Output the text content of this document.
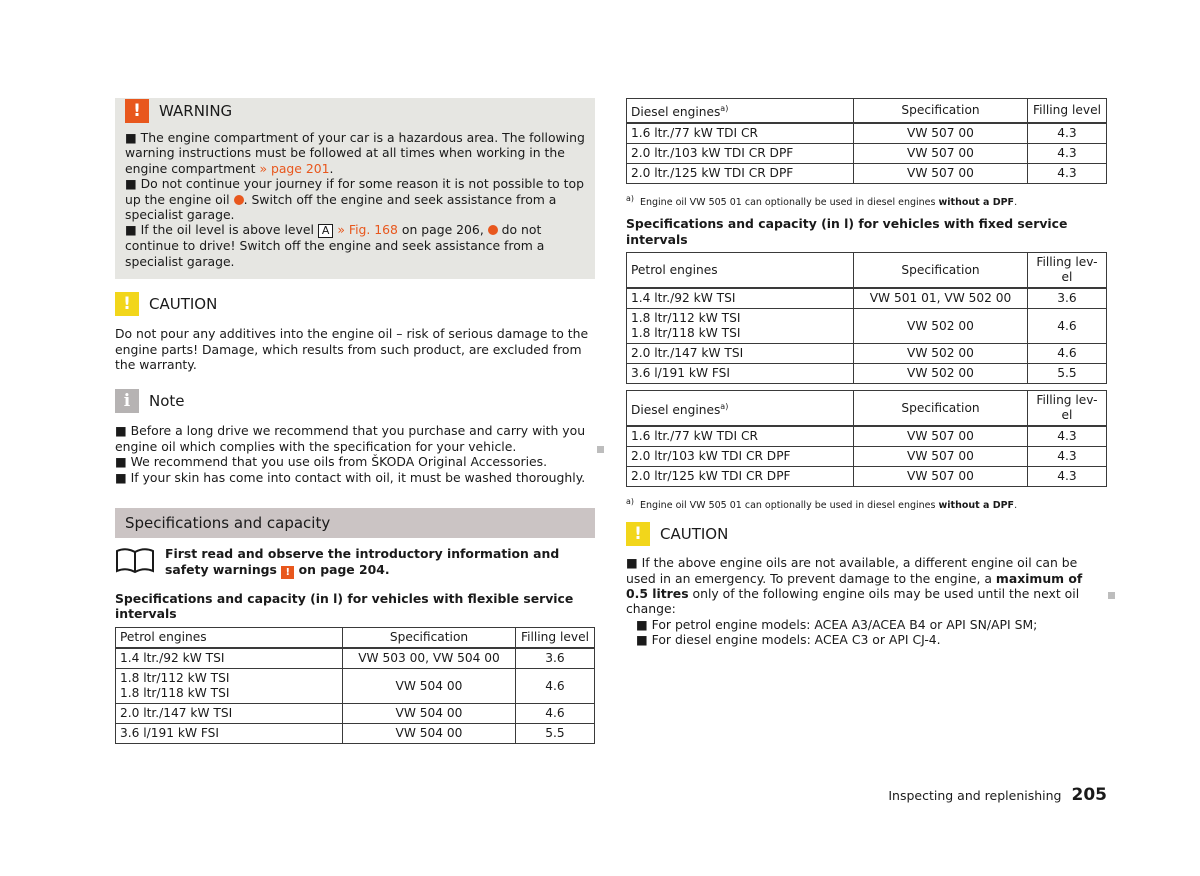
!	WARNING

■ The engine compartment of your car is a hazardous area. The following warning instructions must be followed at all times when working in the engine compartment » page 201.

■ Do not continue your journey if for some reason it is not possible to top up the engine oil . Switch off the engine and seek assistance from a specialist garage.

■ If the oil level is above level A » Fig. 168 on page 206, do not continue to drive! Switch off the engine and seek assistance from a specialist garage.

!	CAUTION

Do not pour any additives into the engine oil – risk of serious damage to the engine parts! Damage, which results from such product, are excluded from the warranty.

i	Note

■ Before a long drive we recommend that you purchase and carry with you engine oil which complies with the specification for your vehicle.

■ We recommend that you use oils from ŠKODA Original Accessories.

■ If your skin has come into contact with oil, it must be washed thoroughly.

Specifications and capacity

First read and observe the introductory information and safety warnings ! on page 204.

Specifications and capacity (in l) for vehicles with flexible service intervals

Petrol engines	Specification	Filling level
1.4 ltr./92 kW TSI	VW 503 00, VW 504 00	3.6
1.8 ltr/112 kW TSI
1.8 ltr/118 kW TSI	VW 504 00	4.6
2.0 ltr./147 kW TSI	VW 504 00	4.6
3.6 l/191 kW FSI	VW 504 00	5.5
Diesel engines$^{a)}$	Specification	Filling level
1.6 ltr./77 kW TDI CR	VW 507 00	4.3
2.0 ltr./103 kW TDI CR DPF	VW 507 00	4.3
2.0 ltr./125 kW TDI CR DPF	VW 507 00	4.3

$^{a)}$ Engine oil VW 505 01 can optionally be used in diesel engines without a DPF.

Specifications and capacity (in l) for vehicles with fixed service intervals

Petrol engines	Specification	Filling lev-
el
1.4 ltr./92 kW TSI	VW 501 01, VW 502 00	3.6
1.8 ltr/112 kW TSI
1.8 ltr/118 kW TSI	VW 502 00	4.6
2.0 ltr./147 kW TSI	VW 502 00	4.6
3.6 l/191 kW FSI	VW 502 00	5.5
Diesel engines$^{a)}$	Specification	Filling lev-
el
1.6 ltr./77 kW TDI CR	VW 507 00	4.3
2.0 ltr/103 kW TDI CR DPF	VW 507 00	4.3
2.0 ltr/125 kW TDI CR DPF	VW 507 00	4.3

$^{a)}$ Engine oil VW 505 01 can optionally be used in diesel engines without a DPF.

!	CAUTION

■ If the above engine oils are not available, a different engine oil can be used in an emergency. To prevent damage to the engine, a maximum of 0.5 litres only of the following engine oils may be used until the next oil change:

■ For petrol engine models: ACEA A3/ACEA B4 or API SN/API SM;

■ For diesel engine models: ACEA C3 or API CJ-4.

Inspecting and replenishing 205
